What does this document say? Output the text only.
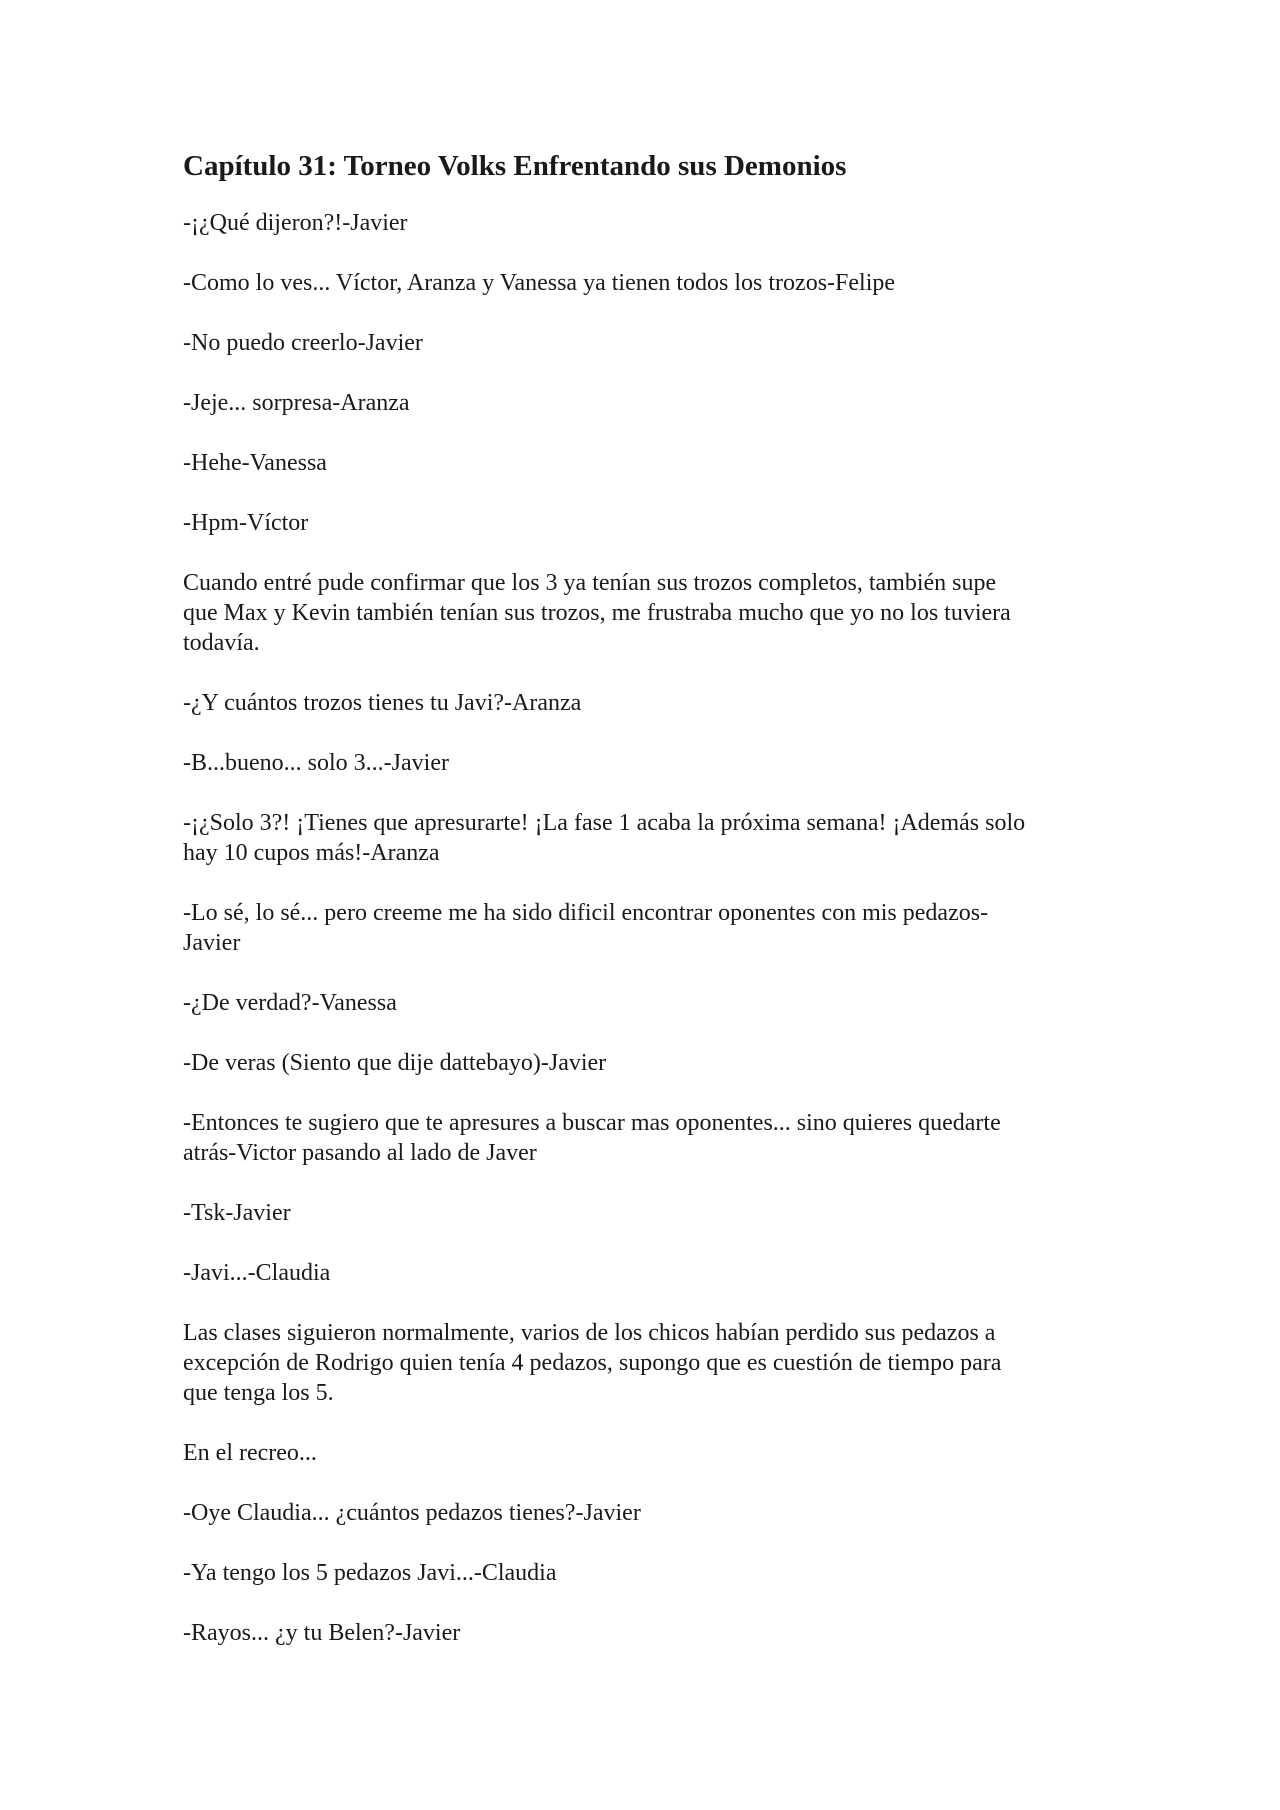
Capítulo 31: Torneo Volks Enfrentando sus Demonios

-¡¿Qué dijeron?!-Javier

-Como lo ves... Víctor, Aranza y Vanessa ya tienen todos los trozos-Felipe

-No puedo creerlo-Javier

-Jeje... sorpresa-Aranza

-Hehe-Vanessa

-Hpm-Víctor

Cuando entré pude confirmar que los 3 ya tenían sus trozos completos, también supe
que Max y Kevin también tenían sus trozos, me frustraba mucho que yo no los tuviera
todavía.

-¿Y cuántos trozos tienes tu Javi?-Aranza

-B...bueno... solo 3...-Javier

-¡¿Solo 3?! ¡Tienes que apresurarte! ¡La fase 1 acaba la próxima semana! ¡Además solo
hay 10 cupos más!-Aranza

-Lo sé, lo sé... pero creeme me ha sido dificil encontrar oponentes con mis pedazos-
Javier

-¿De verdad?-Vanessa

-De veras (Siento que dije dattebayo)-Javier

-Entonces te sugiero que te apresures a buscar mas oponentes... sino quieres quedarte
atrás-Victor pasando al lado de Javer

-Tsk-Javier

-Javi...-Claudia

Las clases siguieron normalmente, varios de los chicos habían perdido sus pedazos a
excepción de Rodrigo quien tenía 4 pedazos, supongo que es cuestión de tiempo para
que tenga los 5.

En el recreo...

-Oye Claudia... ¿cuántos pedazos tienes?-Javier

-Ya tengo los 5 pedazos Javi...-Claudia

-Rayos... ¿y tu Belen?-Javier
